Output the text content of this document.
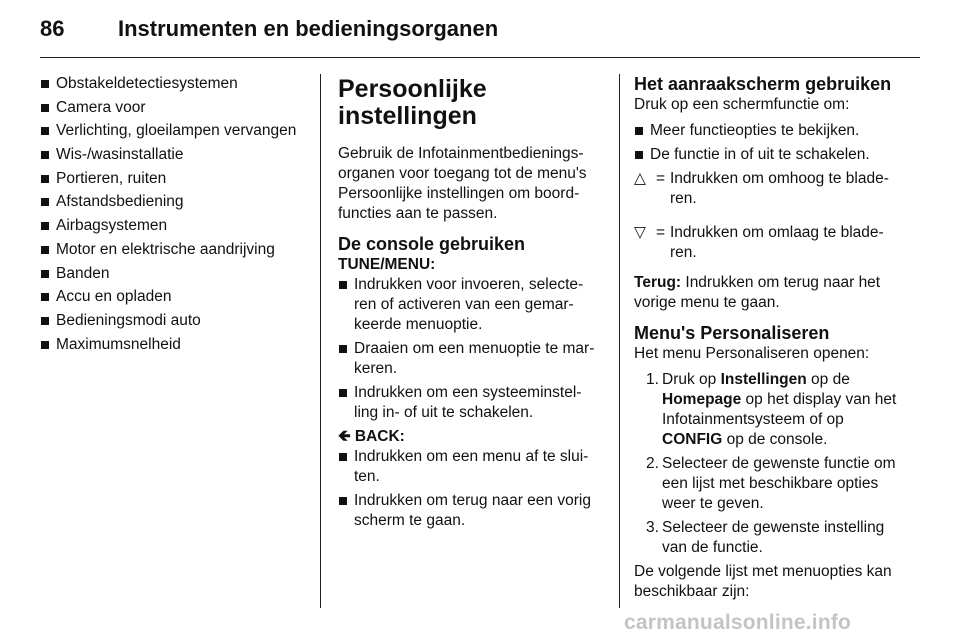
86 Instrumenten en bedieningsorganen
Obstakeldetectiesystemen
Camera voor
Verlichting, gloeilampen vervangen
Wis-/wasinstallatie
Portieren, ruiten
Afstandsbediening
Airbagsystemen
Motor en elektrische aandrijving
Banden
Accu en opladen
Bedieningsmodi auto
Maximumsnelheid
Persoonlijke
instellingen

Gebruik de Infotainmentbedienings-organen voor toegang tot de menu's Persoonlijke instellingen om boord-functies aan te passen.

De console gebruiken

TUNE/MENU:

Indrukken voor invoeren, selecte-ren of activeren van een gemar-keerde menuoptie.
Draaien om een menuoptie te mar-keren.
Indrukken om een systeeminstel-ling in- of uit te schakelen.

🡸 BACK:

Indrukken om een menu af te slui-ten.
Indrukken om terug naar een vorig scherm te gaan.
Het aanraakscherm gebruiken

Druk op een schermfunctie om:

Meer functieopties te bekijken.
De functie in of uit te schakelen.
△	=	Indrukken om omhoog te blade-ren.

▽	=	Indrukken om omlaag te blade-ren.

Terug: Indrukken om terug naar het vorige menu te gaan.

Menu's Personaliseren

Het menu Personaliseren openen:

1. Druk op Instellingen op de Homepage op het display van het Infotainmentsysteem of op CONFIG op de console.
2. Selecteer de gewenste functie om een lijst met beschikbare opties weer te geven.
3. Selecteer de gewenste instelling van de functie.

De volgende lijst met menuopties kan beschikbaar zijn:

carmanualsonline.info
